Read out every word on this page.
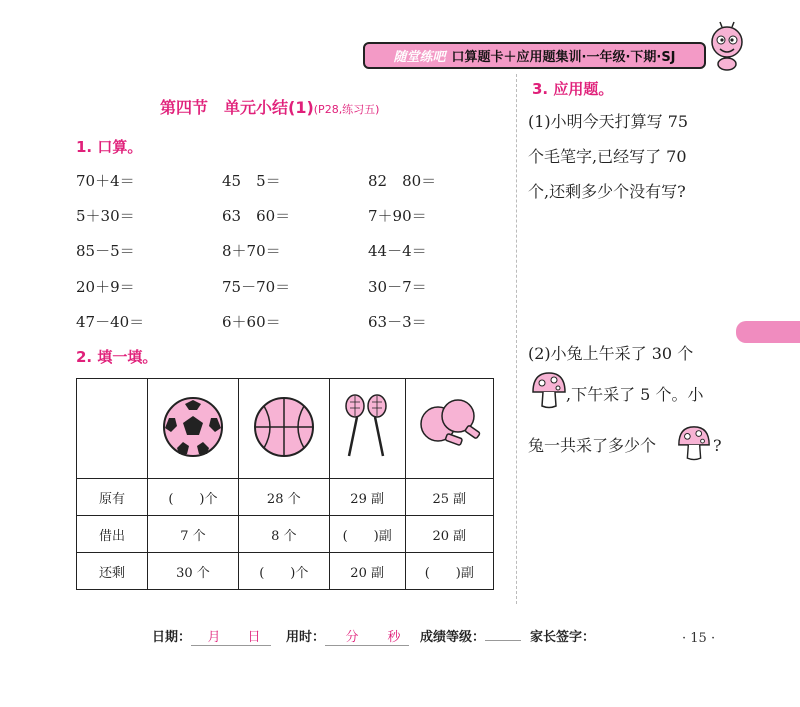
随堂练吧 口算题卡＋应用题集训·一年级·下期·SJ
第四节　单元小结(1)(P28,练习五)
1. 口算。
70＋4＝	45　5＝	82　80＝
5＋30＝	63　60＝	7＋90＝
85－5＝	8＋70＝	44－4＝
20＋9＝	75－70＝	30－7＝
47－40＝	6＋60＝	63－3＝
2. 填一填。

原有	(　　)个	28 个	29 副	25 副
借出	7 个	8 个	(　　)副	20 副
还剩	30 个	(　　)个	20 副	(　　)副
3. 应用题。
(1)小明今天打算写 75
个毛笔字,已经写了 70
个,还剩多少个没有写?
(2)小兔上午采了 30 个
,下午采了 5 个。小
兔一共采了多少个	?
日期： 月 日	用时： 分 秒	成绩等级：	家长签字：	· 15 ·
